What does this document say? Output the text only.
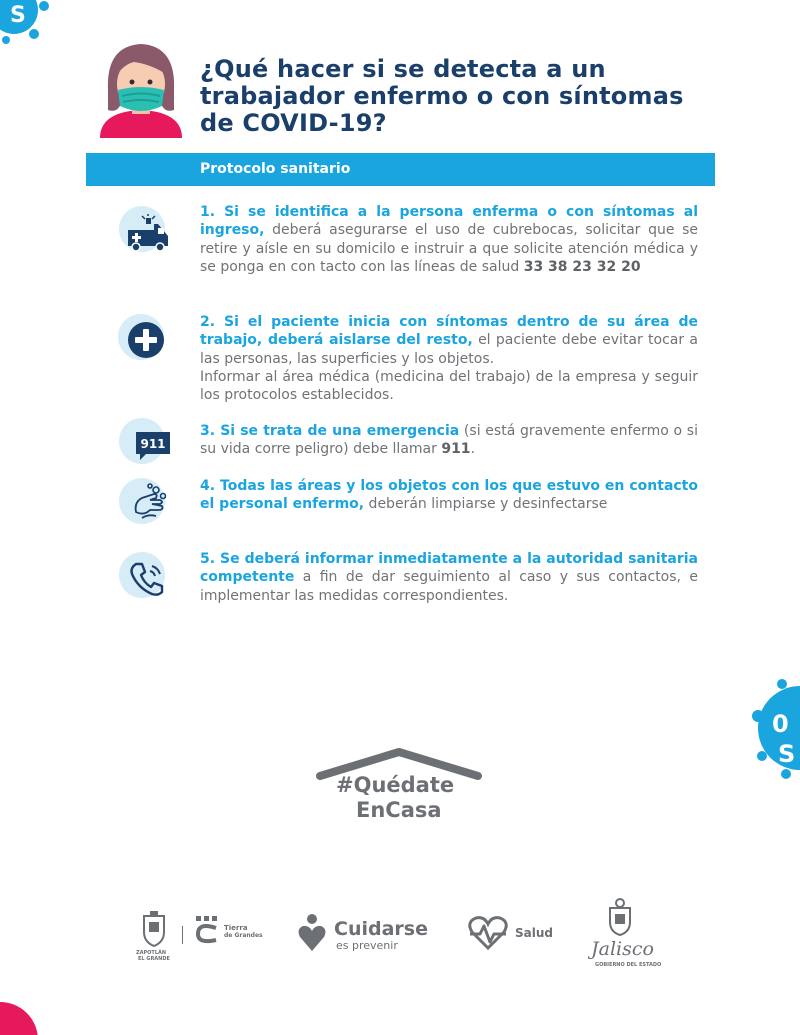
S
0
S
¿Qué hacer si se detecta a un
trabajador enfermo o con síntomas
de COVID-19?
Protocolo sanitario
1. Si se identifica a la persona enferma o con síntomas al ingreso, deberá asegurarse el uso de cubrebocas, solicitar que se retire y aísle en su domicilo e instruir a que solicite atención médica y se ponga en con tacto con las líneas de salud 33 38 23 32 20
2. Si el paciente inicia con síntomas dentro de su área de trabajo, deberá aislarse del resto, el paciente debe evitar tocar a las personas, las superficies y los objetos.
Informar al área médica (medicina del trabajo) de la empresa y seguir los protocolos establecidos.
911
3. Si se trata de una emergencia (si está gravemente enfermo o si su vida corre peligro) debe llamar 911.
4. Todas las áreas y los objetos con los que estuvo en contacto el personal enfermo, deberán limpiarse y desinfectarse
5. Se deberá informar inmediatamente a la autoridad sanitaria competente a fin de dar seguimiento al caso y sus contactos, e implementar las medidas correspondientes.
#Quédate
EnCasa
ZAPOTLÁN
EL GRANDE
Tierra
de Grandes	Cuidarse
es prevenir
Salud
Jalisco
GOBIERNO DEL ESTADO
